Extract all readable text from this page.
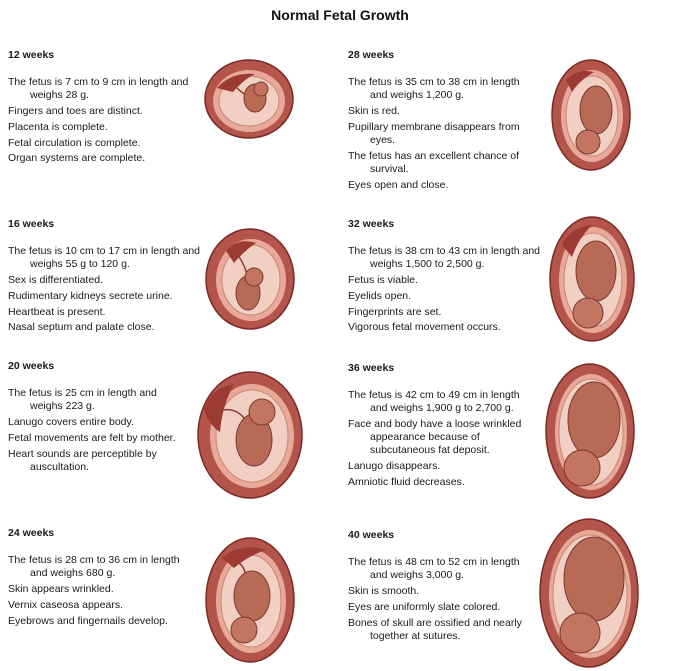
Normal Fetal Growth
12 weeks

The fetus is 7 cm to 9 cm in length and weighs 28 g.

Fingers and toes are distinct.

Placenta is complete.

Fetal circulation is complete.

Organ systems are complete.

16 weeks

The fetus is 10 cm to 17 cm in length and weighs 55 g to 120 g.

Sex is differentiated.

Rudimentary kidneys secrete urine.

Heartbeat is present.

Nasal septum and palate close.

20 weeks

The fetus is 25 cm in length and weighs 223 g.

Lanugo covers entire body.

Fetal movements are felt by mother.

Heart sounds are perceptible by auscultation.

24 weeks

The fetus is 28 cm to 36 cm in length and weighs 680 g.

Skin appears wrinkled.

Vernix caseosa appears.

Eyebrows and fingernails develop.

28 weeks

The fetus is 35 cm to 38 cm in length and weighs 1,200 g.

Skin is red.

Pupillary membrane disappears from eyes.

The fetus has an excellent chance of survival.

Eyes open and close.

32 weeks

The fetus is 38 cm to 43 cm in length and weighs 1,500 to 2,500 g.

Fetus is viable.

Eyelids open.

Fingerprints are set.

Vigorous fetal movement occurs.

36 weeks

The fetus is 42 cm to 49 cm in length and weighs 1,900 g to 2,700 g.

Face and body have a loose wrinkled appearance because of subcutaneous fat deposit.

Lanugo disappears.

Amniotic fluid decreases.

40 weeks

The fetus is 48 cm to 52 cm in length and weighs 3,000 g.

Skin is smooth.

Eyes are uniformly slate colored.

Bones of skull are ossified and nearly together at sutures.
